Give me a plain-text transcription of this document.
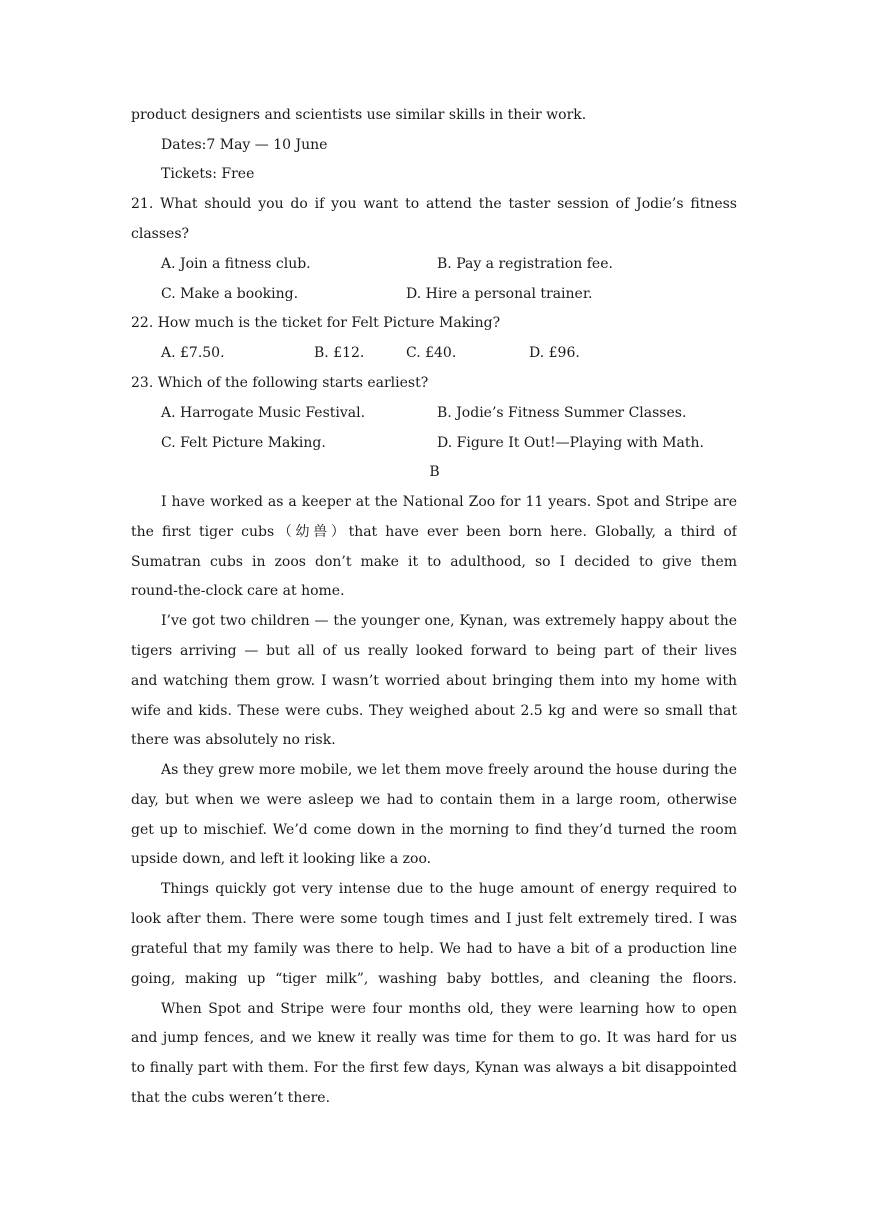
product designers and scientists use similar skills in their work.
Dates:7 May — 10 June
Tickets: Free
21. What should you do if you want to attend the taster session of Jodie’s fitness
classes?
A. Join a fitness club.	B. Pay a registration fee.
C. Make a booking.	D. Hire a personal trainer.
22. How much is the ticket for Felt Picture Making?
A. £7.50.	B. £12.	C. £40.	D. £96.
23. Which of the following starts earliest?
A. Harrogate Music Festival.	B. Jodie’s Fitness Summer Classes.
C. Felt Picture Making.	D. Figure It Out!—Playing with Math.
B
I have worked as a keeper at the National Zoo for 11 years. Spot and Stripe are
the first tiger cubs（幼兽）that have ever been born here. Globally, a third of
Sumatran cubs in zoos don’t make it to adulthood, so I decided to give them
round-the-clock care at home.
I’ve got two children — the younger one, Kynan, was extremely happy about the
tigers arriving — but all of us really looked forward to being part of their lives
and watching them grow. I wasn’t worried about bringing them into my home with
wife and kids. These were cubs. They weighed about 2.5 kg and were so small that
there was absolutely no risk.
As they grew more mobile, we let them move freely around the house during the
day, but when we were asleep we had to contain them in a large room, otherwise
get up to mischief. We’d come down in the morning to find they’d turned the room
upside down, and left it looking like a zoo.
Things quickly got very intense due to the huge amount of energy required to
look after them. There were some tough times and I just felt extremely tired. I was
grateful that my family was there to help. We had to have a bit of a production line
going, making up “tiger milk”, washing baby bottles, and cleaning the floors.
When Spot and Stripe were four months old, they were learning how to open
and jump fences, and we knew it really was time for them to go. It was hard for us
to finally part with them. For the first few days, Kynan was always a bit disappointed
that the cubs weren’t there.
